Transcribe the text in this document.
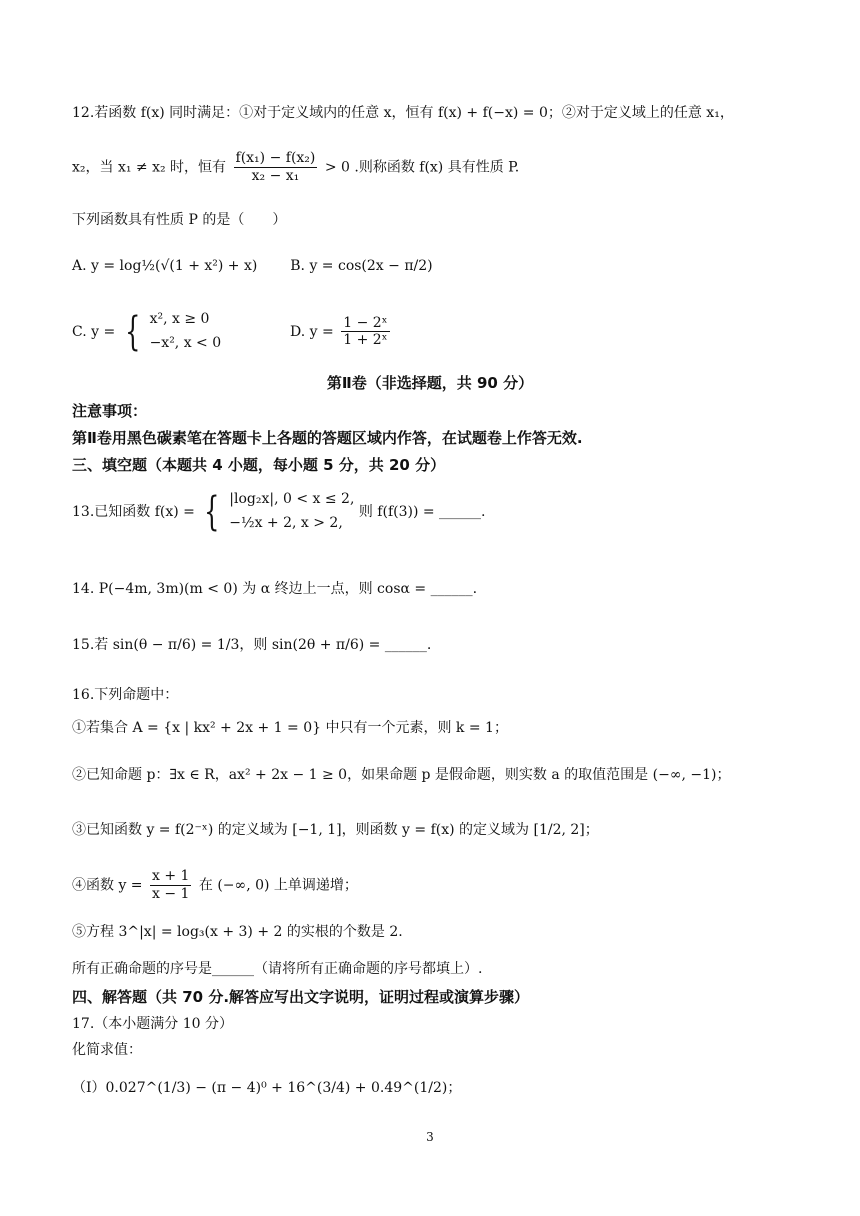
12.若函数 f(x) 同时满足：①对于定义域内的任意 x，恒有 f(x) + f(−x) = 0；②对于定义域上的任意 x₁，
x₂，当 x₁ ≠ x₂ 时，恒有 $\frac{\text{f(x₁) − f(x₂)}}{\text{x₂ − x₁}} > 0$ .则称函数 f(x) 具有性质 P.
下列函数具有性质 P 的是（　　）
A. y = log½(√(1 + x²) + x) B. y = cos(2x − π/2)
C. y = { x², x ≥ 0
−x², x < 0
D. $y = \frac{\text{1 − 2ˣ}}{\text{1 + 2ˣ}}$
第Ⅱ卷（非选择题，共 90 分）
注意事项：
第Ⅱ卷用黑色碳素笔在答题卡上各题的答题区域内作答，在试题卷上作答无效.
三、填空题（本题共 4 小题，每小题 5 分，共 20 分）
13.已知函数 f(x) = { |log₂x|, 0 < x ≤ 2,
−½x + 2, x > 2,
则 f(f(3)) = ______.
14. P(−4m, 3m)(m < 0) 为 α 终边上一点，则 cosα = ______.
15.若 sin(θ − π/6) = 1/3，则 sin(2θ + π/6) = ______.
16.下列命题中：
①若集合 A = {x | kx² + 2x + 1 = 0} 中只有一个元素，则 k = 1；
②已知命题 p：∃x ∈ R，ax² + 2x − 1 ≥ 0，如果命题 p 是假命题，则实数 a 的取值范围是 (−∞, −1)；
③已知函数 y = f(2⁻ˣ) 的定义域为 [−1, 1]，则函数 y = f(x) 的定义域为 [1/2, 2]；
④函数 $y = \frac{x + 1}{x - 1}$ 在 (−∞, 0) 上单调递增；
⑤方程 3^|x| = log₃(x + 3) + 2 的实根的个数是 2.
所有正确命题的序号是______（请将所有正确命题的序号都填上）.
四、解答题（共 70 分.解答应写出文字说明，证明过程或演算步骤）
17.（本小题满分 10 分）
化简求值：
（Ⅰ）0.027^(1/3) − (π − 4)⁰ + 16^(3/4) + 0.49^(1/2)；
3
